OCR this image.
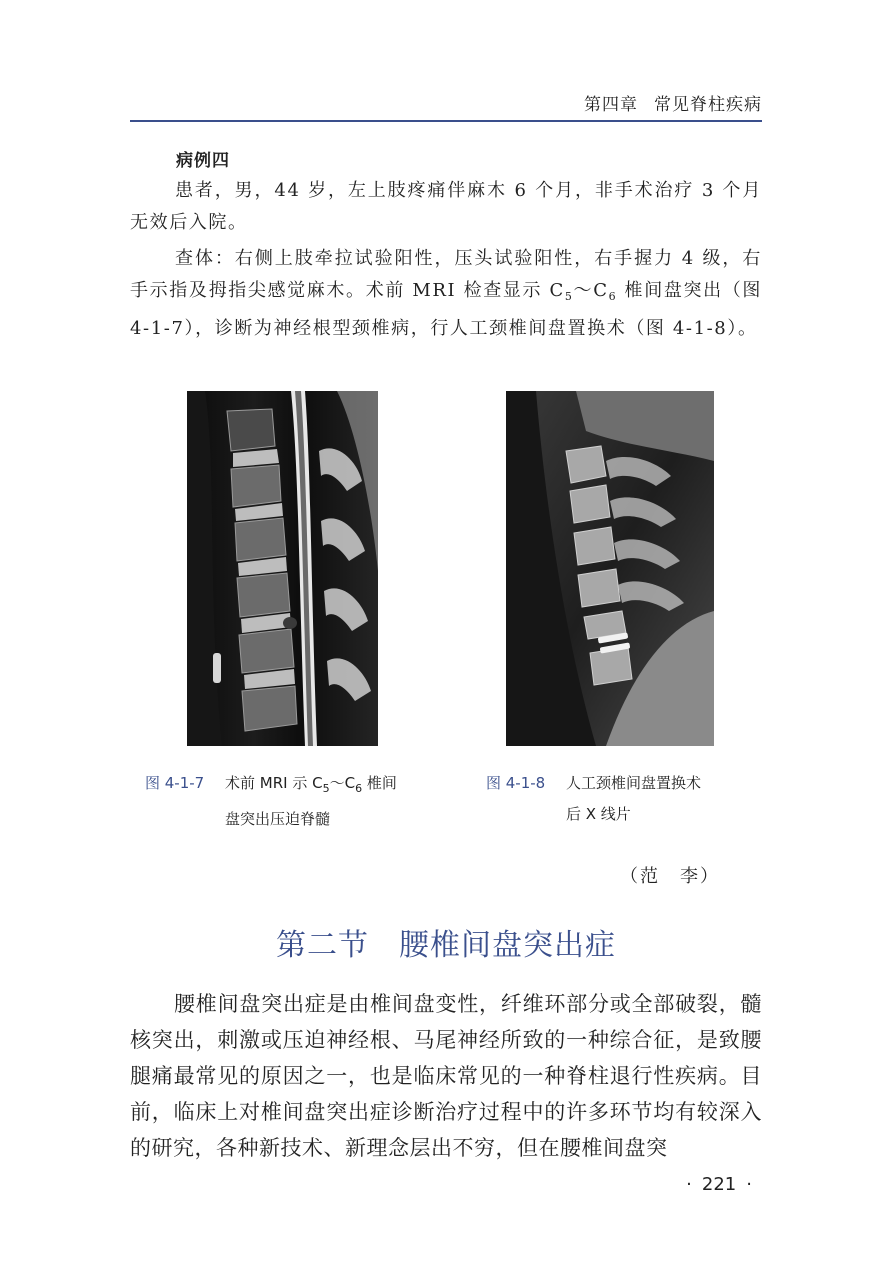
第四章 常见脊柱疾病
病例四

患者，男，44 岁，左上肢疼痛伴麻木 6 个月，非手术治疗 3 个月无效后入院。

查体：右侧上肢牵拉试验阳性，压头试验阳性，右手握力 4 级，右手示指及拇指尖感觉麻木。术前 MRI 检查显示 $C_5\sim C_6$ 椎间盘突出（图 4-1-7），诊断为神经根型颈椎病，行人工颈椎间盘置换术（图 4-1-8）。

图 4-1-7 术前 MRI 示 $C_5\sim C_6$ 椎间
盘突出压迫脊髓
图 4-1-8 人工颈椎间盘置换术
后 X 线片
（范　李）
第二节 腰椎间盘突出症

腰椎间盘突出症是由椎间盘变性，纤维环部分或全部破裂，髓核突出，刺激或压迫神经根、马尾神经所致的一种综合征，是致腰腿痛最常见的原因之一，也是临床常见的一种脊柱退行性疾病。目前，临床上对椎间盘突出症诊断治疗过程中的许多环节均有较深入的研究，各种新技术、新理念层出不穷，但在腰椎间盘突

· 221 ·
